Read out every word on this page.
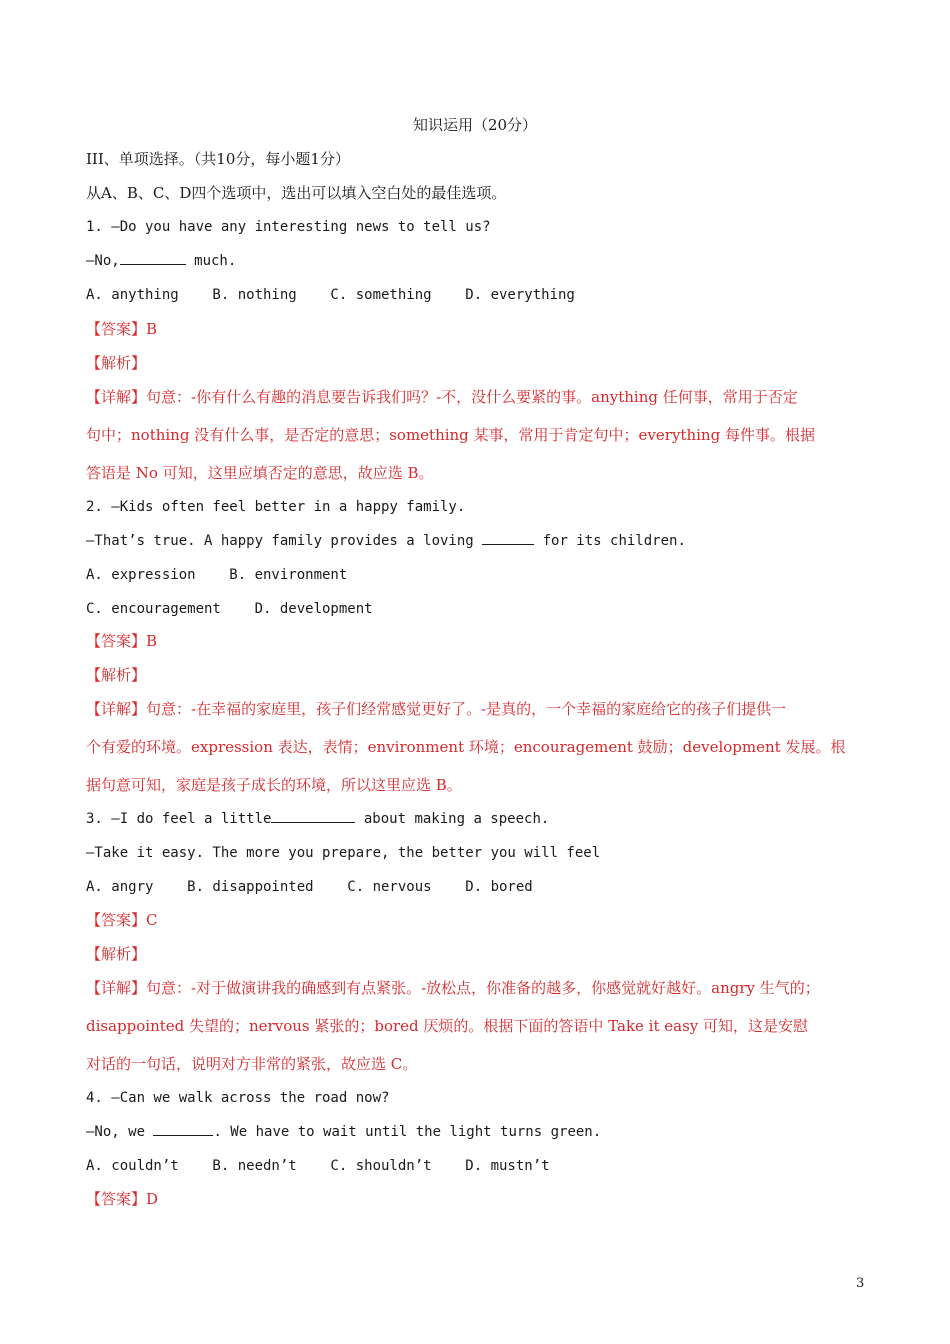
知识运用（20分）
III、单项选择。（共10分，每小题1分）
从A、B、C、D四个选项中，选出可以填入空白处的最佳选项。
1. —Do you have any interesting news to tell us?
—No,	much.
A. anything    B. nothing    C. something    D. everything
【答案】B
【解析】
【详解】句意：-你有什么有趣的消息要告诉我们吗？-不，没什么要紧的事。anything 任何事，常用于否定
句中；nothing 没有什么事，是否定的意思；something 某事，常用于肯定句中；everything 每件事。根据
答语是 No 可知，这里应填否定的意思，故应选 B。
2. —Kids often feel better in a happy family.
—That’s true. A happy family provides a loving	for its children.
A. expression    B. environment
C. encouragement    D. development
【答案】B
【解析】
【详解】句意：-在幸福的家庭里，孩子们经常感觉更好了。-是真的，一个幸福的家庭给它的孩子们提供一
个有爱的环境。expression 表达，表情；environment 环境；encouragement 鼓励；development 发展。根
据句意可知，家庭是孩子成长的环境，所以这里应选 B。
3. —I do feel a little	about making a speech.
—Take it easy. The more you prepare, the better you will feel
A. angry    B. disappointed    C. nervous    D. bored
【答案】C
【解析】
【详解】句意：-对于做演讲我的确感到有点紧张。-放松点，你准备的越多，你感觉就好越好。angry 生气的；
disappointed 失望的；nervous 紧张的；bored 厌烦的。根据下面的答语中 Take it easy 可知，这是安慰
对话的一句话，说明对方非常的紧张，故应选 C。
4. —Can we walk across the road now?
—No, we	. We have to wait until the light turns green.
A. couldn’t    B. needn’t    C. shouldn’t    D. mustn’t
【答案】D
3
